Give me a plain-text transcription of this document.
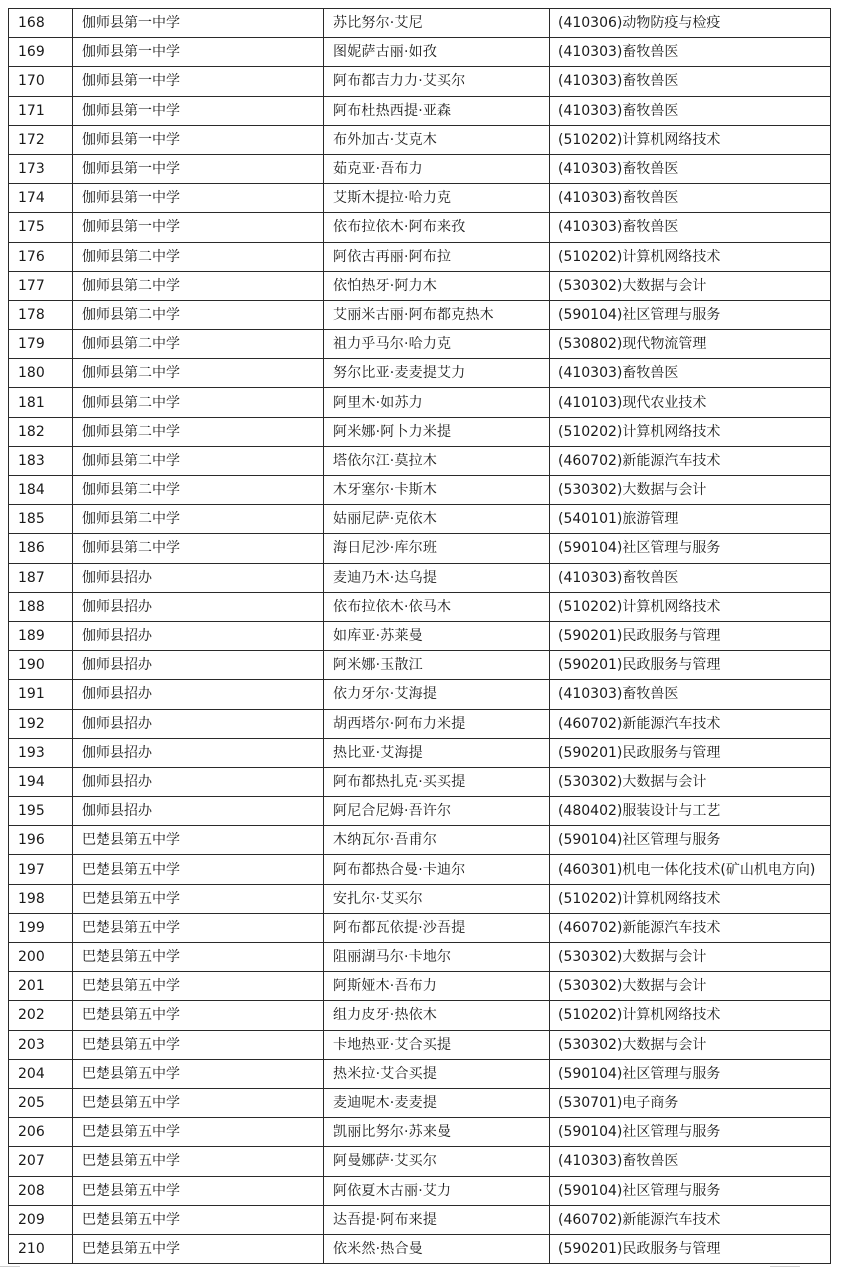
168	伽师县第一中学	苏比努尔·艾尼	(410306)动物防疫与检疫
169	伽师县第一中学	图妮萨古丽·如孜	(410303)畜牧兽医
170	伽师县第一中学	阿布都吉力力·艾买尔	(410303)畜牧兽医
171	伽师县第一中学	阿布杜热西提·亚森	(410303)畜牧兽医
172	伽师县第一中学	布外加古·艾克木	(510202)计算机网络技术
173	伽师县第一中学	茹克亚·吾布力	(410303)畜牧兽医
174	伽师县第一中学	艾斯木提拉·哈力克	(410303)畜牧兽医
175	伽师县第一中学	依布拉依木·阿布来孜	(410303)畜牧兽医
176	伽师县第二中学	阿依古再丽·阿布拉	(510202)计算机网络技术
177	伽师县第二中学	依怕热牙·阿力木	(530302)大数据与会计
178	伽师县第二中学	艾丽米古丽·阿布都克热木	(590104)社区管理与服务
179	伽师县第二中学	祖力乎马尔·哈力克	(530802)现代物流管理
180	伽师县第二中学	努尔比亚·麦麦提艾力	(410303)畜牧兽医
181	伽师县第二中学	阿里木·如苏力	(410103)现代农业技术
182	伽师县第二中学	阿米娜·阿卜力米提	(510202)计算机网络技术
183	伽师县第二中学	塔依尔江·莫拉木	(460702)新能源汽车技术
184	伽师县第二中学	木牙塞尔·卡斯木	(530302)大数据与会计
185	伽师县第二中学	姑丽尼萨·克依木	(540101)旅游管理
186	伽师县第二中学	海日尼沙·库尔班	(590104)社区管理与服务
187	伽师县招办	麦迪乃木·达乌提	(410303)畜牧兽医
188	伽师县招办	依布拉依木·依马木	(510202)计算机网络技术
189	伽师县招办	如库亚·苏莱曼	(590201)民政服务与管理
190	伽师县招办	阿米娜·玉散江	(590201)民政服务与管理
191	伽师县招办	依力牙尔·艾海提	(410303)畜牧兽医
192	伽师县招办	胡西塔尔·阿布力米提	(460702)新能源汽车技术
193	伽师县招办	热比亚·艾海提	(590201)民政服务与管理
194	伽师县招办	阿布都热扎克·买买提	(530302)大数据与会计
195	伽师县招办	阿尼合尼姆·吾许尔	(480402)服装设计与工艺
196	巴楚县第五中学	木纳瓦尔·吾甫尔	(590104)社区管理与服务
197	巴楚县第五中学	阿布都热合曼·卡迪尔	(460301)机电一体化技术(矿山机电方向)
198	巴楚县第五中学	安扎尔·艾买尔	(510202)计算机网络技术
199	巴楚县第五中学	阿布都瓦依提·沙吾提	(460702)新能源汽车技术
200	巴楚县第五中学	阻丽湖马尔·卡地尔	(530302)大数据与会计
201	巴楚县第五中学	阿斯娅木·吾布力	(530302)大数据与会计
202	巴楚县第五中学	组力皮牙·热依木	(510202)计算机网络技术
203	巴楚县第五中学	卡地热亚·艾合买提	(530302)大数据与会计
204	巴楚县第五中学	热米拉·艾合买提	(590104)社区管理与服务
205	巴楚县第五中学	麦迪呢木·麦麦提	(530701)电子商务
206	巴楚县第五中学	凯丽比努尔·苏来曼	(590104)社区管理与服务
207	巴楚县第五中学	阿曼娜萨·艾买尔	(410303)畜牧兽医
208	巴楚县第五中学	阿依夏木古丽·艾力	(590104)社区管理与服务
209	巴楚县第五中学	达吾提·阿布来提	(460702)新能源汽车技术
210	巴楚县第五中学	依米然·热合曼	(590201)民政服务与管理
